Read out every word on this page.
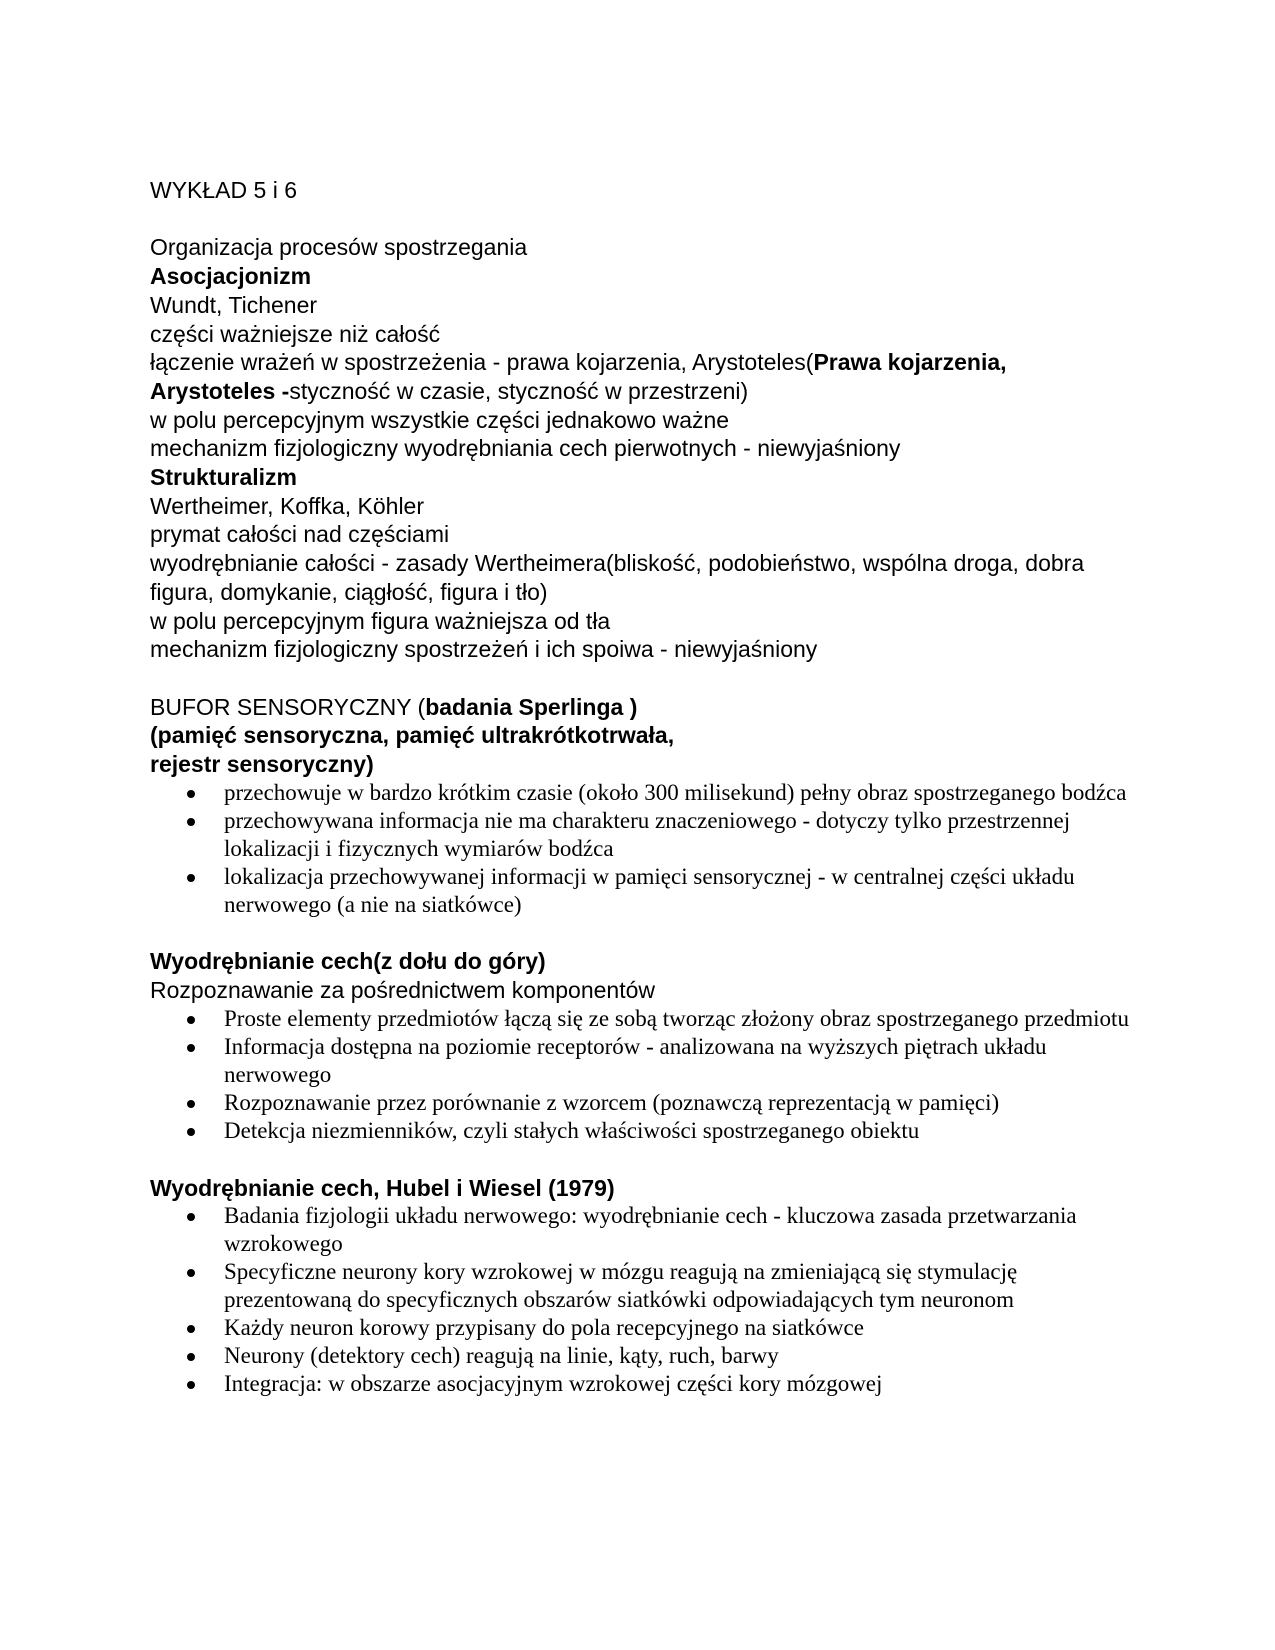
WYKŁAD 5 i 6

Organizacja procesów spostrzegania

Asocjacjonizm

Wundt, Tichener

części ważniejsze niż całość

łączenie wrażeń w spostrzeżenia - prawa kojarzenia, Arystoteles(Prawa kojarzenia, Arystoteles -styczność w czasie, styczność w przestrzeni)

w polu percepcyjnym wszystkie części jednakowo ważne

mechanizm fizjologiczny wyodrębniania cech pierwotnych - niewyjaśniony

Strukturalizm

Wertheimer, Koffka, Köhler

prymat całości nad częściami

wyodrębnianie całości - zasady Wertheimera(bliskość, podobieństwo, wspólna droga, dobra figura, domykanie, ciągłość, figura i tło)

w polu percepcyjnym figura ważniejsza od tła

mechanizm fizjologiczny spostrzeżeń i ich spoiwa - niewyjaśniony

BUFOR SENSORYCZNY (badania Sperlinga )

(pamięć sensoryczna, pamięć ultrakrótkotrwała,

rejestr sensoryczny)

przechowuje w bardzo krótkim czasie (około 300 milisekund) pełny obraz spostrzeganego bodźca
przechowywana informacja nie ma charakteru znaczeniowego - dotyczy tylko przestrzennej lokalizacji i fizycznych wymiarów bodźca
lokalizacja przechowywanej informacji w pamięci sensorycznej - w centralnej części układu nerwowego (a nie na siatkówce)

Wyodrębnianie cech(z dołu do góry)

Rozpoznawanie za pośrednictwem komponentów

Proste elementy przedmiotów łączą się ze sobą tworząc złożony obraz spostrzeganego przedmiotu
Informacja dostępna na poziomie receptorów - analizowana na wyższych piętrach układu nerwowego
Rozpoznawanie przez porównanie z wzorcem (poznawczą reprezentacją w pamięci)
Detekcja niezmienników, czyli stałych właściwości spostrzeganego obiektu

Wyodrębnianie cech, Hubel i Wiesel (1979)

Badania fizjologii układu nerwowego: wyodrębnianie cech - kluczowa zasada przetwarzania wzrokowego
Specyficzne neurony kory wzrokowej w mózgu reagują na zmieniającą się stymulację prezentowaną do specyficznych obszarów siatkówki odpowiadających tym neuronom
Każdy neuron korowy przypisany do pola recepcyjnego na siatkówce
Neurony (detektory cech) reagują na linie, kąty, ruch, barwy
Integracja: w obszarze asocjacyjnym wzrokowej części kory mózgowej
